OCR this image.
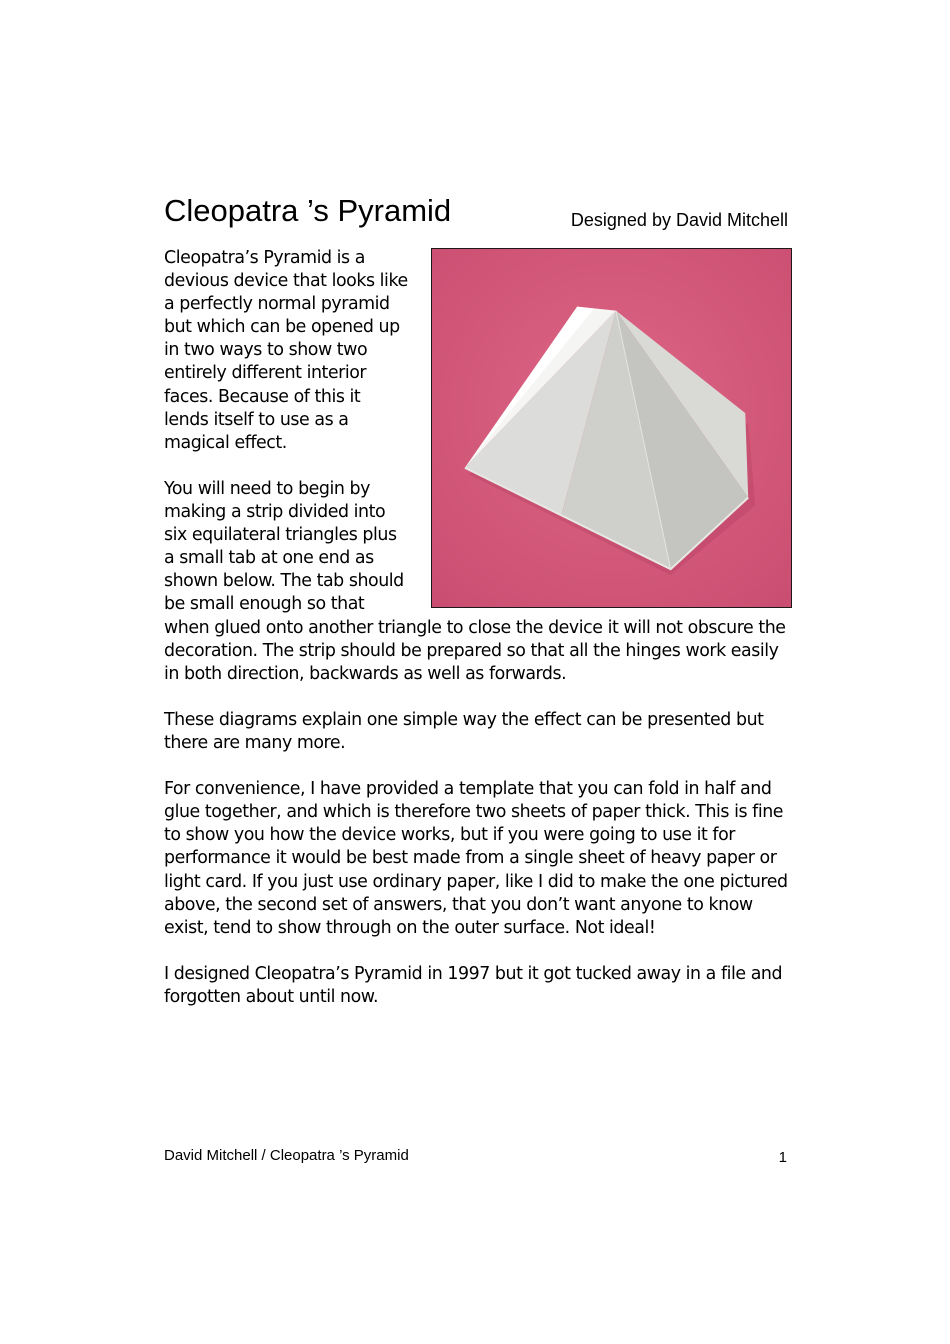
Cleopatra ’s Pyramid	Designed by David Mitchell

Cleopatra’s Pyramid is a devious device that looks like a perfectly normal pyramid but which can be opened up in two ways to show two entirely different interior faces. Because of this it lends itself to use as a magical effect.

You will need to begin by making a strip divided into six equilateral triangles plus a small tab at one end as shown below. The tab should be small enough so that when glued onto another triangle to close the device it will not obscure the decoration. The strip should be prepared so that all the hinges work easily in both direction, backwards as well as forwards.

These diagrams explain one simple way the effect can be presented but there are many more.

For convenience, I have provided a template that you can fold in half and glue together, and which is therefore two sheets of paper thick. This is fine to show you how the device works, but if you were going to use it for performance it would be best made from a single sheet of heavy paper or light card. If you just use ordinary paper, like I did to make the one pictured above, the second set of answers, that you don’t want anyone to know exist, tend to show through on the outer surface. Not ideal!

I designed Cleopatra’s Pyramid in 1997 but it got tucked away in a file and forgotten about until now.

David Mitchell / Cleopatra ’s Pyramid	1
